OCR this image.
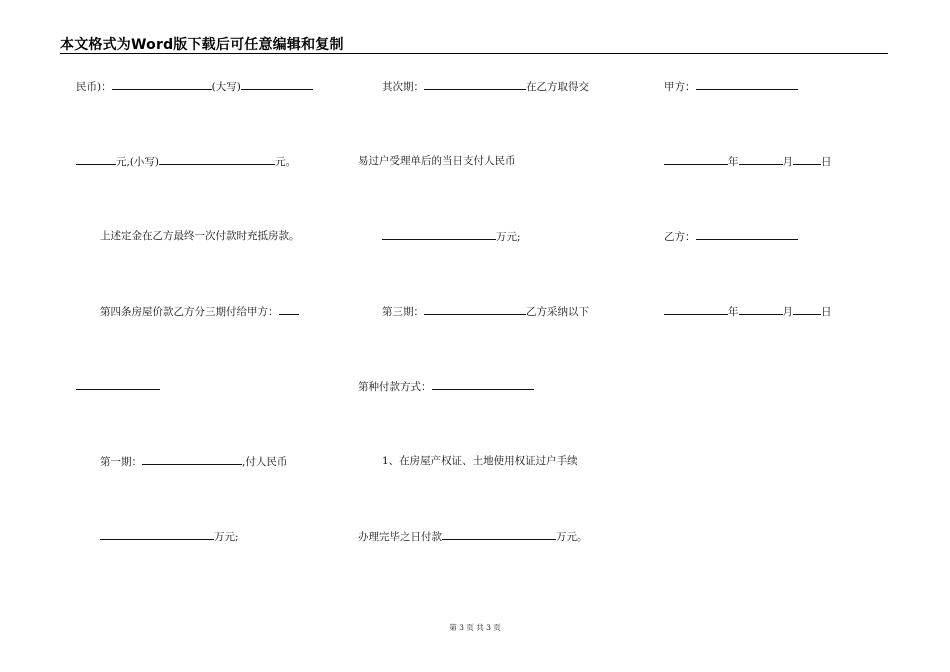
本文格式为Word版下载后可任意编辑和复制
民币)：	(大写)
元,(小写)	元。
上述定金在乙方最终一次付款时充抵房款。
第四条房屋价款乙方分三期付给甲方：
第一期：	,付人民币
万元;
其次期：	在乙方取得交
易过户受理单后的当日支付人民币
万元;
第三期：	乙方采纳以下
第种付款方式：
1、在房屋产权证、土地使用权证过户手续
办理完毕之日付款	万元。
甲方：
年	月	日
乙方：
年	月	日
第 3 页 共 3 页
